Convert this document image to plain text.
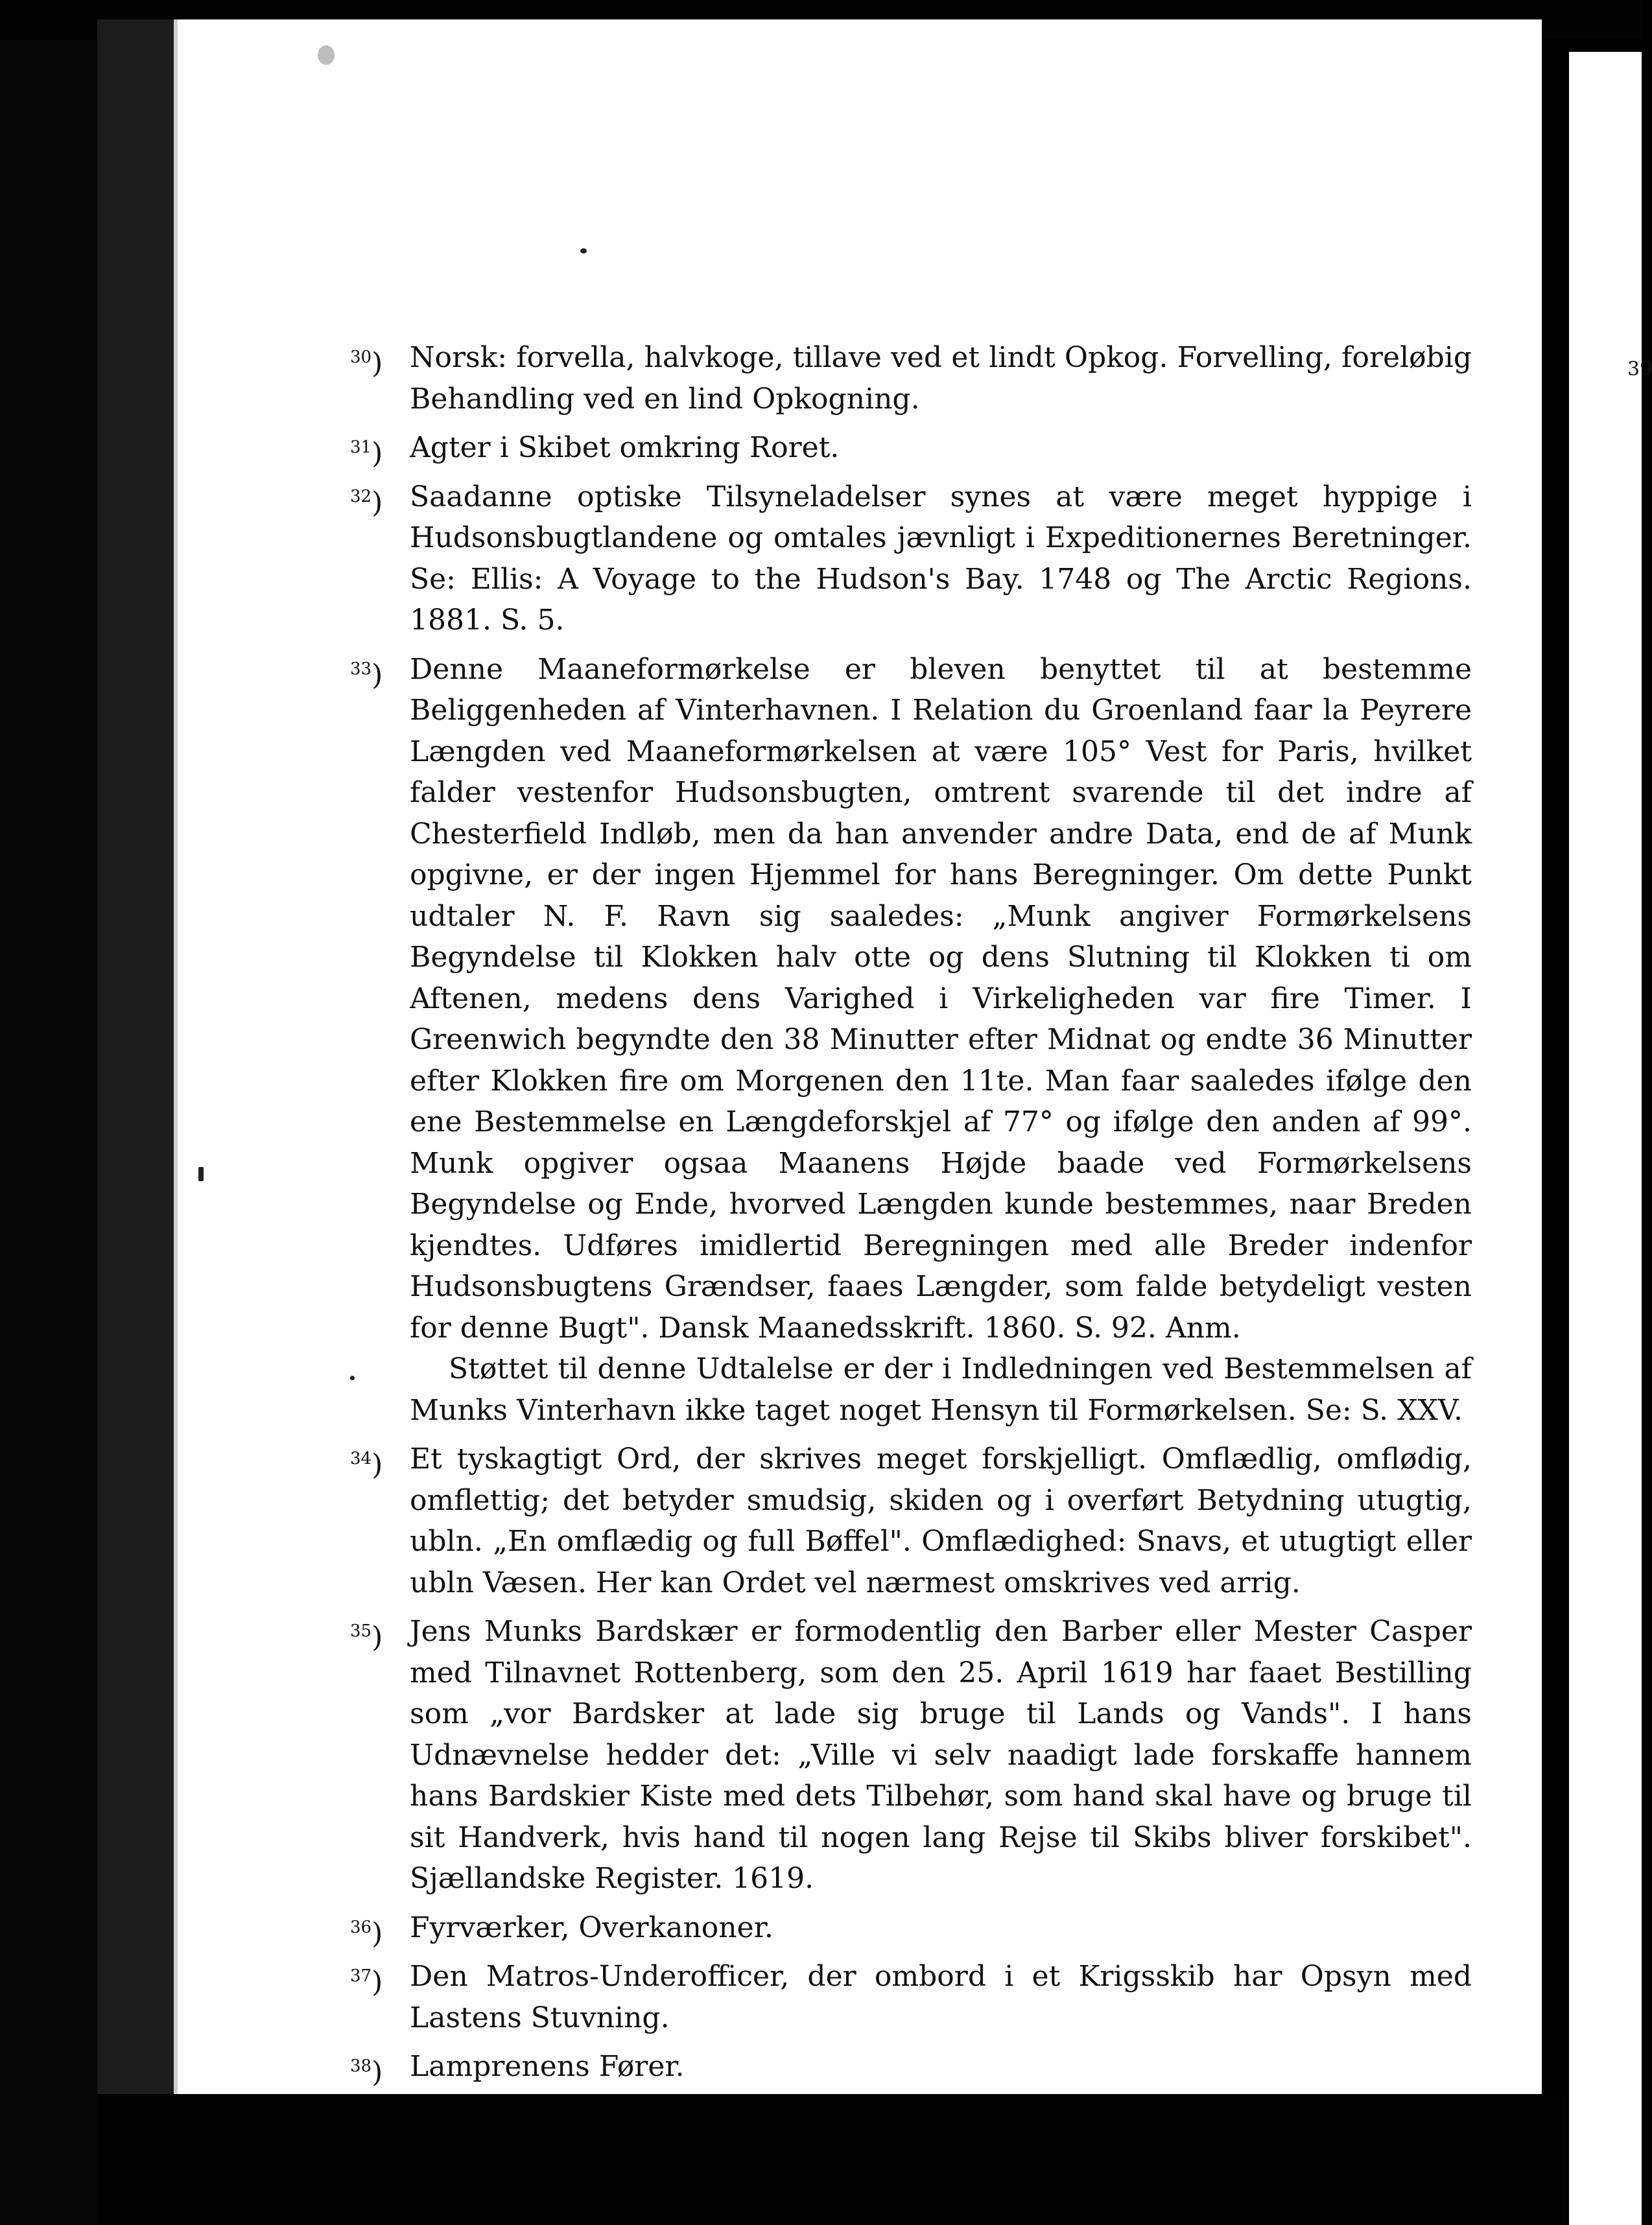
39
$^{30}$) Norsk: forvella, halvkoge, tillave ved et lindt Opkog. Forvelling, foreløbig Behandling ved en lind Opkogning.

$^{31}$) Agter i Skibet omkring Roret.

$^{32}$) Saadanne optiske Tilsyneladelser synes at være meget hyppige i Hudsonsbugtlandene og omtales jævnligt i Expeditionernes Beretninger. Se: Ellis: A Voyage to the Hudson's Bay. 1748 og The Arctic Regions. 1881. S. 5.

$^{33}$) Denne Maaneformørkelse er bleven benyttet til at bestemme Beliggenheden af Vinterhavnen. I Relation du Groenland faar la Peyrere Længden ved Maaneformørkelsen at være 105° Vest for Paris, hvilket falder vestenfor Hudsonsbugten, omtrent svarende til det indre af Chesterfield Indløb, men da han anvender andre Data, end de af Munk opgivne, er der ingen Hjemmel for hans Beregninger. Om dette Punkt udtaler N. F. Ravn sig saaledes: „Munk angiver Formørkelsens Begyndelse til Klokken halv otte og dens Slutning til Klokken ti om Aftenen, medens dens Varighed i Virkeligheden var fire Timer. I Greenwich begyndte den 38 Minutter efter Midnat og endte 36 Minutter efter Klokken fire om Morgenen den 11te. Man faar saaledes ifølge den ene Bestemmelse en Længdeforskjel af 77° og ifølge den anden af 99°. Munk opgiver ogsaa Maanens Højde baade ved Formørkelsens Begyndelse og Ende, hvorved Længden kunde bestemmes, naar Breden kjendtes. Udføres imidlertid Beregningen med alle Breder indenfor Hudsonsbugtens Grændser, faaes Længder, som falde betydeligt vesten for denne Bugt". Dansk Maanedsskrift. 1860. S. 92. Anm.

Støttet til denne Udtalelse er der i Indledningen ved Bestemmelsen af Munks Vinterhavn ikke taget noget Hensyn til Formørkelsen. Se: S. XXV.

$^{34}$) Et tyskagtigt Ord, der skrives meget forskjelligt. Omflædlig, omflødig, omflettig; det betyder smudsig, skiden og i overført Betydning utugtig, ubln. „En omflædig og full Bøffel". Omflædighed: Snavs, et utugtigt eller ubln Væsen. Her kan Ordet vel nærmest omskrives ved arrig.

$^{35}$) Jens Munks Bardskær er formodentlig den Barber eller Mester Casper med Tilnavnet Rottenberg, som den 25. April 1619 har faaet Bestilling som „vor Bardsker at lade sig bruge til Lands og Vands". I hans Udnævnelse hedder det: „Ville vi selv naadigt lade forskaffe hannem hans Bardskier Kiste med dets Tilbehør, som hand skal have og bruge til sit Handverk, hvis hand til nogen lang Rejse til Skibs bliver forskibet". Sjællandske Register. 1619.

$^{36}$) Fyrværker, Overkanoner.

$^{37}$) Den Matros-Underofficer, der ombord i et Krigsskib har Opsyn med Lastens Stuvning.

$^{38}$) Lamprenens Fører.
